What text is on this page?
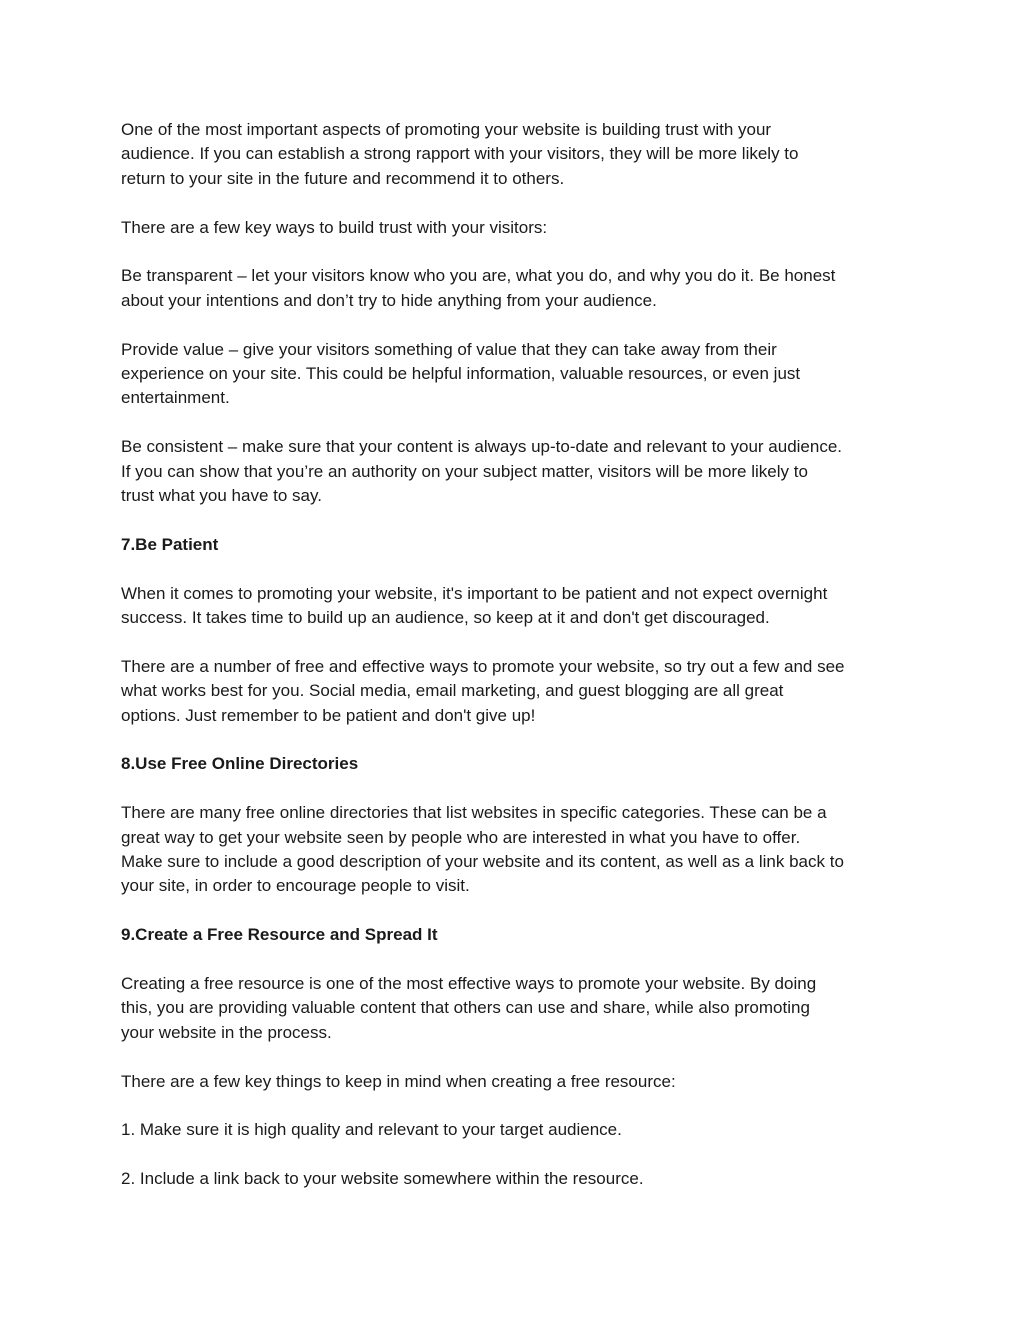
One of the most important aspects of promoting your website is building trust with your
audience. If you can establish a strong rapport with your visitors, they will be more likely to
return to your site in the future and recommend it to others.

There are a few key ways to build trust with your visitors:

Be transparent – let your visitors know who you are, what you do, and why you do it. Be honest
about your intentions and don’t try to hide anything from your audience.

Provide value – give your visitors something of value that they can take away from their
experience on your site. This could be helpful information, valuable resources, or even just
entertainment.

Be consistent – make sure that your content is always up-to-date and relevant to your audience.
If you can show that you’re an authority on your subject matter, visitors will be more likely to
trust what you have to say.

7.Be Patient

When it comes to promoting your website, it's important to be patient and not expect overnight
success. It takes time to build up an audience, so keep at it and don't get discouraged.

There are a number of free and effective ways to promote your website, so try out a few and see
what works best for you. Social media, email marketing, and guest blogging are all great
options. Just remember to be patient and don't give up!

8.Use Free Online Directories

There are many free online directories that list websites in specific categories. These can be a
great way to get your website seen by people who are interested in what you have to offer.
Make sure to include a good description of your website and its content, as well as a link back to
your site, in order to encourage people to visit.

9.Create a Free Resource and Spread It

Creating a free resource is one of the most effective ways to promote your website. By doing
this, you are providing valuable content that others can use and share, while also promoting
your website in the process.

There are a few key things to keep in mind when creating a free resource:

1. Make sure it is high quality and relevant to your target audience.

2. Include a link back to your website somewhere within the resource.
